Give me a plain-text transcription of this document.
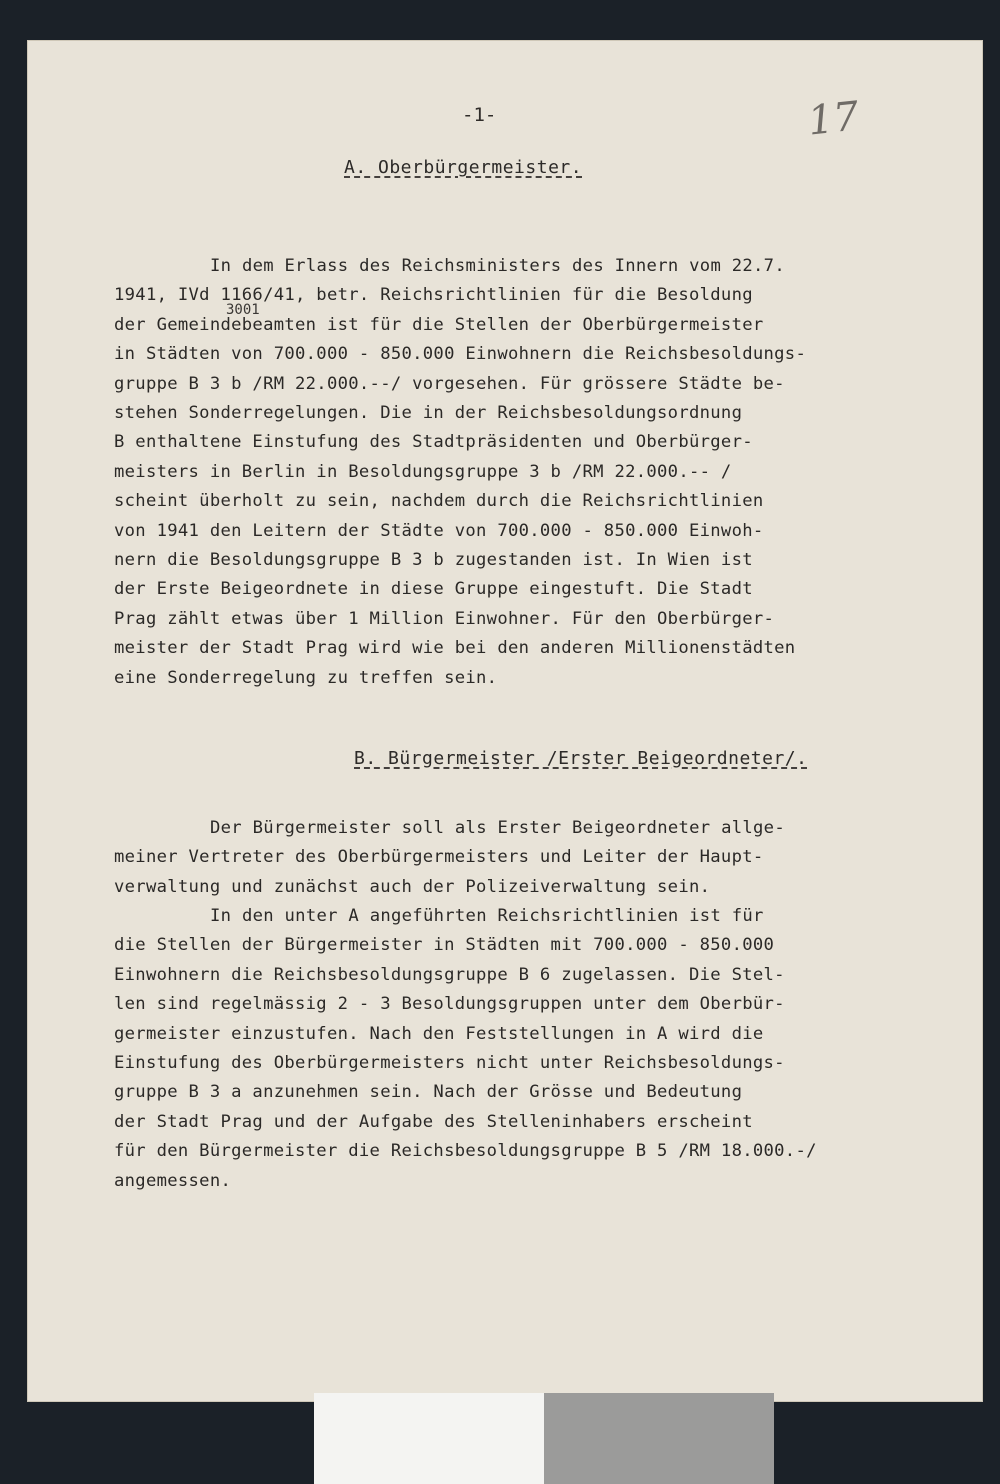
-1-	17
A. Oberbürgermeister.
In dem Erlass des Reichsministers des Innern vom 22.7.
1941, IVd 1166/41, betr. Reichsrichtlinien für die Besoldung
der Gemeindebeamten ist für die Stellen der Oberbürgermeister
in Städten von 700.000 - 850.000 Einwohnern die Reichsbesoldungs-
gruppe B 3 b /RM 22.000.--/ vorgesehen. Für grössere Städte be-
stehen Sonderregelungen. Die in der Reichsbesoldungsordnung
B enthaltene Einstufung des Stadtpräsidenten und Oberbürger-
meisters in Berlin in Besoldungsgruppe 3 b /RM 22.000.-- /
scheint überholt zu sein, nachdem durch die Reichsrichtlinien
von 1941 den Leitern der Städte von 700.000 - 850.000 Einwoh-
nern die Besoldungsgruppe B 3 b zugestanden ist. In Wien ist
der Erste Beigeordnete in diese Gruppe eingestuft. Die Stadt
Prag zählt etwas über 1 Million Einwohner. Für den Oberbürger-
meister der Stadt Prag wird wie bei den anderen Millionenstädten
eine Sonderregelung zu treffen sein.
3001
B. Bürgermeister /Erster Beigeordneter/.
Der Bürgermeister soll als Erster Beigeordneter allge-
meiner Vertreter des Oberbürgermeisters und Leiter der Haupt-
verwaltung und zunächst auch der Polizeiverwaltung sein.
In den unter A angeführten Reichsrichtlinien ist für
die Stellen der Bürgermeister in Städten mit 700.000 - 850.000
Einwohnern die Reichsbesoldungsgruppe B 6 zugelassen. Die Stel-
len sind regelmässig 2 - 3 Besoldungsgruppen unter dem Oberbür-
germeister einzustufen. Nach den Feststellungen in A wird die
Einstufung des Oberbürgermeisters nicht unter Reichsbesoldungs-
gruppe B 3 a anzunehmen sein. Nach der Grösse und Bedeutung
der Stadt Prag und der Aufgabe des Stelleninhabers erscheint
für den Bürgermeister die Reichsbesoldungsgruppe B 5 /RM 18.000.-/
angemessen.
